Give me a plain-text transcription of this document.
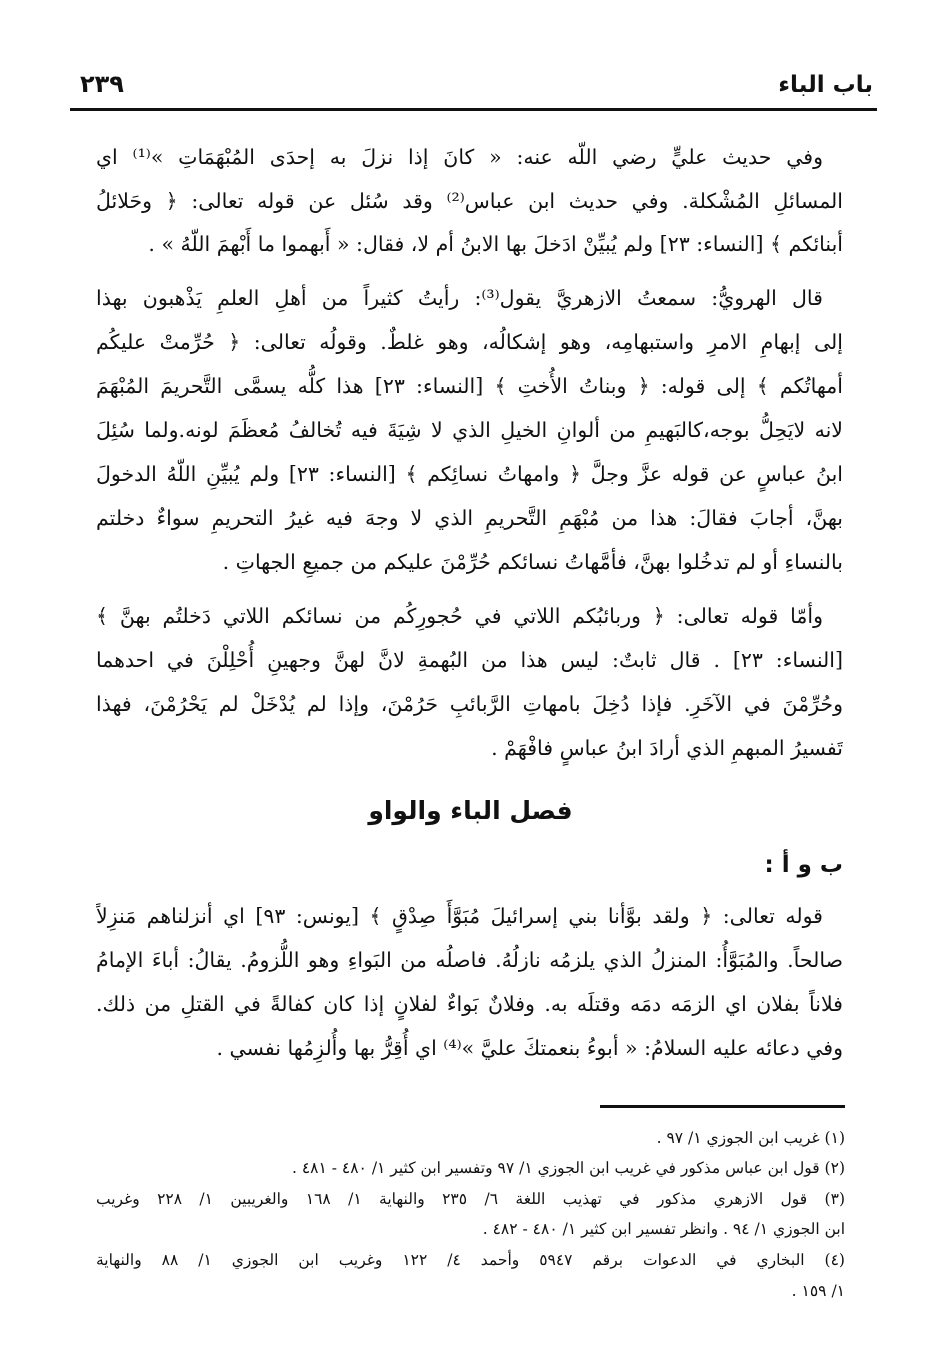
باب الباء
٢٣٩
وفي حديث عليٍّ رضي اللّه عنه: « كانَ إذا نزلَ به إحدَى المُبْهَمَاتِ »⁽¹⁾ اي
المسائلِ المُشْكلة. وفي حديث ابن عباس⁽²⁾ وقد سُئل عن قوله تعالى: ﴿ وحَلائلُ
أبنائكم ﴾ [النساء: ٢٣] ولم يُبيِّنْ ادَخلَ بها الابنُ أم لا، فقال: « أَبهموا ما أَبْهمَ اللّهُ » .
قال الهرويُّ: سمعتُ الازهريَّ يقول⁽³⁾: رأيتُ كثيراً من أهلِ العلمِ يَذْهبون بهذا
إلى إبهامِ الامرِ واستبهامِه، وهو إشكالُه، وهو غلطٌ. وقولُه تعالى: ﴿ حُرِّمتْ عليكُم
أمهاتُكم ﴾ إلى قوله: ﴿ وبناتُ الأُختِ ﴾ [النساء: ٢٣] هذا كلُّه يسمَّى التَّحريمَ المُبْهَمَ
لانه لايَحِلُّ بوجه،كالبَهيمِ من ألوانِ الخيلِ الذي لا شِيَةَ فيه تُخالفُ مُعظَمَ لونه.ولما سُئِلَ
ابنُ عباسٍ عن قوله عزَّ وجلَّ ﴿ وامهاتُ نسائِكم ﴾ [النساء: ٢٣] ولم يُبيِّنِ اللّهُ الدخولَ
بهنَّ، أجابَ فقالَ: هذا من مُبْهَمِ التَّحريمِ الذي لا وجهَ فيه غيرُ التحريمِ سواءٌ دخلتم
بالنساءِ أو لم تدخُلوا بهنَّ، فأمَّهاتُ نسائكم حُرِّمْنَ عليكم من جميعِ الجهاتِ .
وأمّا قوله تعالى: ﴿ وربائبُكم اللاتي في حُجورِكُم من نسائكم اللاتي دَخلتُم بهنَّ ﴾
[النساء: ٢٣] . قال ثابتٌ: ليس هذا من البُهمةِ لانَّ لهنَّ وجهينِ أُحْلِلْنَ في احدهما
وحُرِّمْنَ في الآخَرِ. فإذا دُخِلَ بامهاتِ الرَّبائبِ حَرُمْنَ، وإذا لم يُدْخَلْ لم يَحْرُمْنَ، فهذا
تَفسيرُ المبهمِ الذي أرادَ ابنُ عباسٍ فافْهَمْ .
فصل الباء والواو
ب و أ :
قوله تعالى: ﴿ ولقد بوَّأنا بني إسرائيلَ مُبَوَّأَ صِدْقٍ ﴾ [يونس: ٩٣] اي أنزلناهم مَنزِلاً
صالحاً. والمُبَوَّأُ: المنزلُ الذي يلزمُه نازلُهُ. فاصلُه من البَواءِ وهو اللُّزومُ. يقالُ: أباءَ الإمامُ
فلاناً بفلان اي الزمَه دمَه وقتلَه به. وفلانٌ بَواءٌ لفلانٍ إذا كان كفالةً في القتلِ من ذلك.
وفي دعائه عليه السلامُ: « أبوءُ بنعمتكَ عليَّ »⁽⁴⁾ اي أُقِرُّ بها وأُلزِمُها نفسي .
(١) غريب ابن الجوزي ١/ ٩٧ .
(٢) قول ابن عباس مذكور في غريب ابن الجوزي ١/ ٩٧ وتفسير ابن كثير ١/ ٤٨٠ - ٤٨١ .
(٣) قول الازهري مذكور في تهذيب اللغة ٦/ ٢٣٥ والنهاية ١/ ١٦٨ والغريبين ١/ ٢٢٨ وغريب
ابن الجوزي ١/ ٩٤ . وانظر تفسير ابن كثير ١/ ٤٨٠ - ٤٨٢ .
(٤) البخاري في الدعوات برقم ٥٩٤٧ وأحمد ٤/ ١٢٢ وغريب ابن الجوزي ١/ ٨٨ والنهاية
١/ ١٥٩ .
